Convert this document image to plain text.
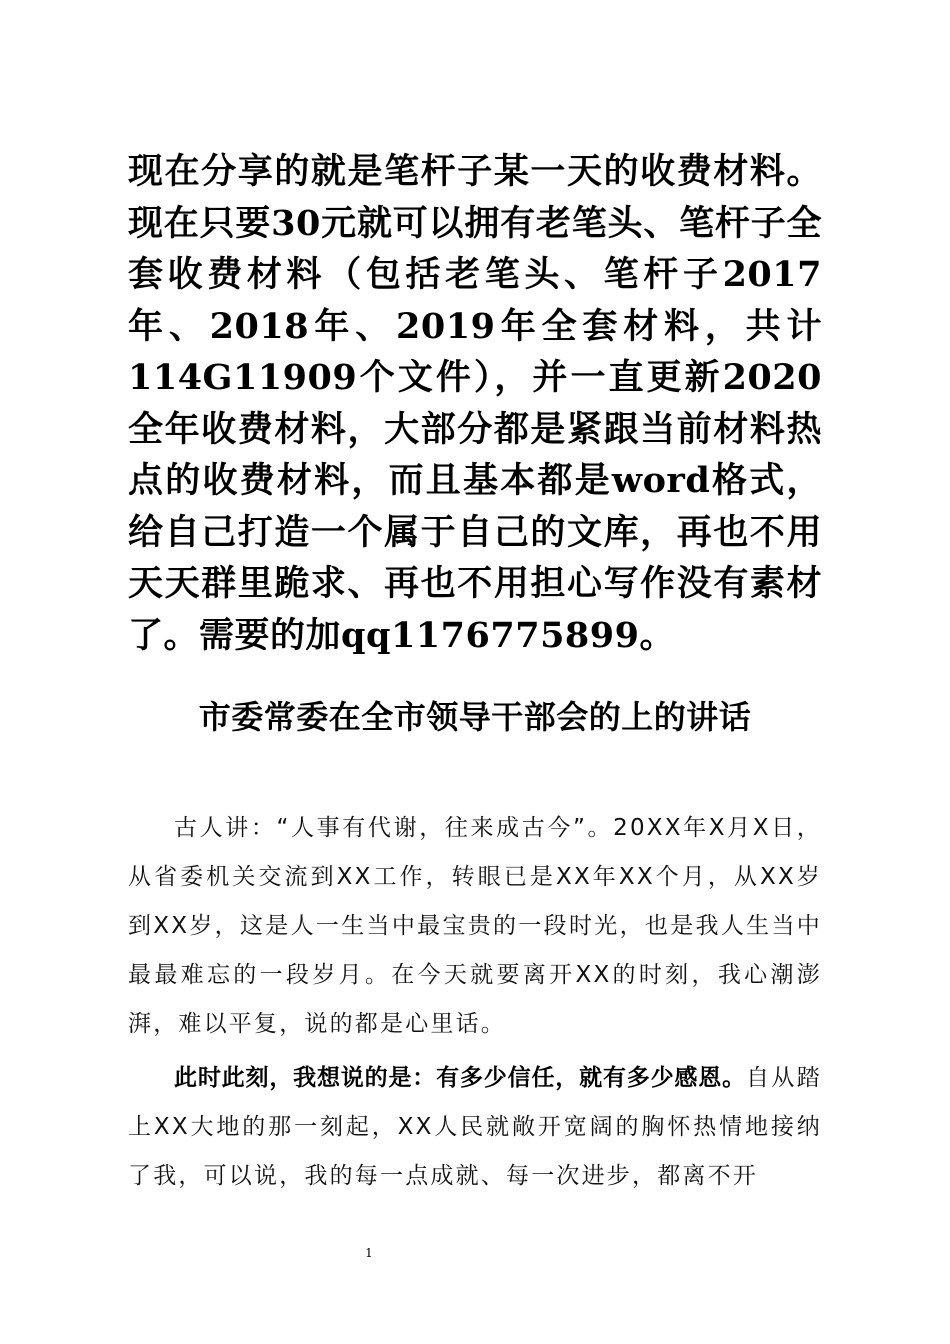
现在分享的就是笔杆子某一天的收费材料。现在只要30元就可以拥有老笔头、笔杆子全套收费材料（包括老笔头、笔杆子2017年、2018年、2019年全套材料，共计114G11909个文件），并一直更新2020全年收费材料，大部分都是紧跟当前材料热点的收费材料，而且基本都是word格式，给自己打造一个属于自己的文库，再也不用天天群里跪求、再也不用担心写作没有素材了。需要的加qq1176775899。
市委常委在全市领导干部会的上的讲话

古人讲：“人事有代谢，往来成古今”。20XX年X月X日，从省委机关交流到XX工作，转眼已是XX年XX个月，从XX岁到XX岁，这是人一生当中最宝贵的一段时光，也是我人生当中最最难忘的一段岁月。在今天就要离开XX的时刻，我心潮澎湃，难以平复，说的都是心里话。

此时此刻，我想说的是：有多少信任，就有多少感恩。自从踏上XX大地的那一刻起，XX人民就敞开宽阔的胸怀热情地接纳了我，可以说，我的每一点成就、每一次进步，都离不开

1
